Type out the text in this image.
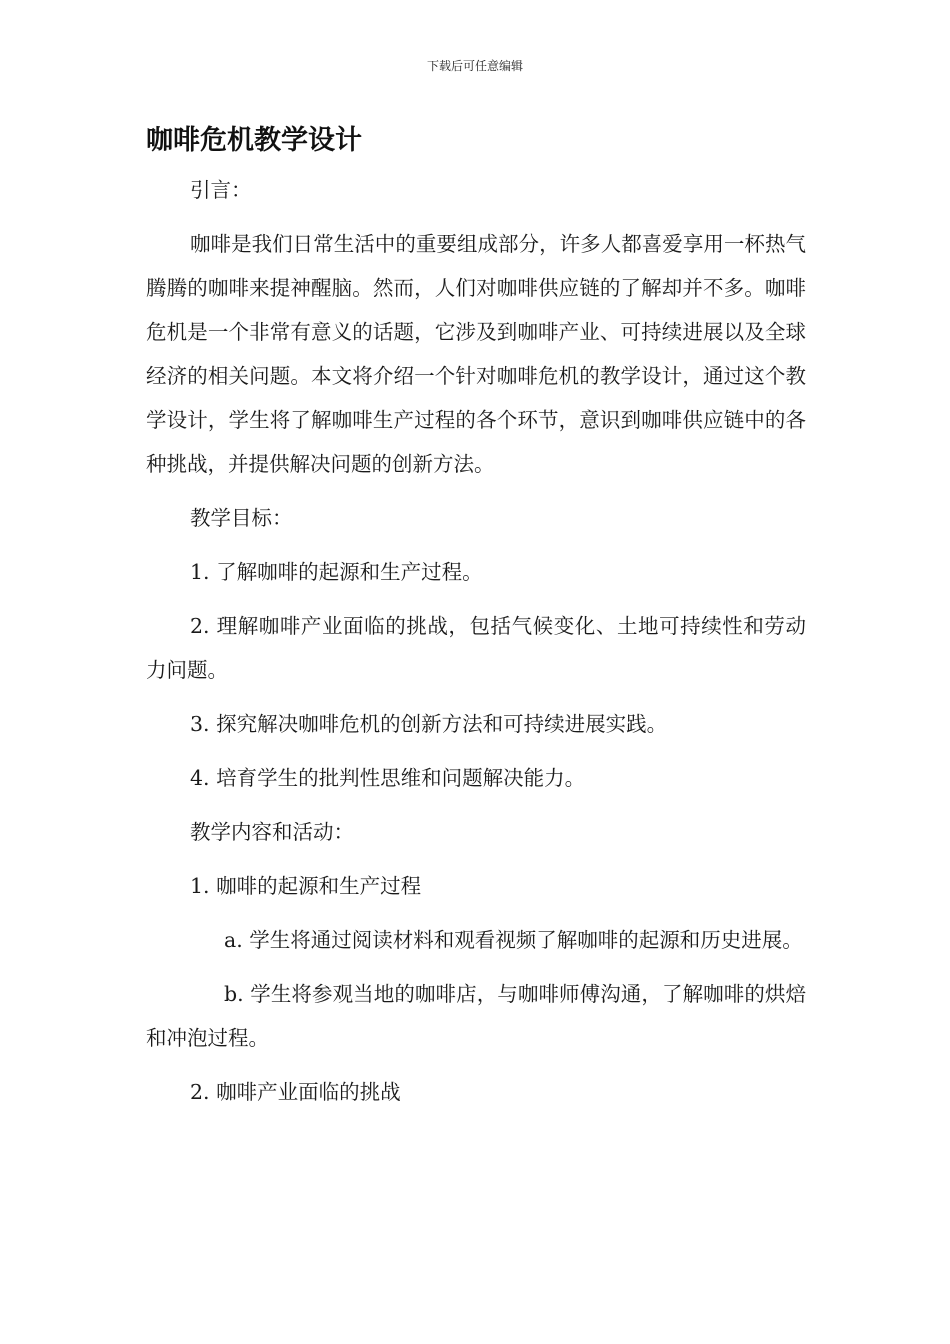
下载后可任意编辑
咖啡危机教学设计

引言：

咖啡是我们日常生活中的重要组成部分，许多人都喜爱享用一杯热气腾腾的咖啡来提神醒脑。然而，人们对咖啡供应链的了解却并不多。咖啡危机是一个非常有意义的话题，它涉及到咖啡产业、可持续进展以及全球经济的相关问题。本文将介绍一个针对咖啡危机的教学设计，通过这个教学设计，学生将了解咖啡生产过程的各个环节，意识到咖啡供应链中的各种挑战，并提供解决问题的创新方法。

教学目标：

1. 了解咖啡的起源和生产过程。

2. 理解咖啡产业面临的挑战，包括气候变化、土地可持续性和劳动力问题。

3. 探究解决咖啡危机的创新方法和可持续进展实践。

4. 培育学生的批判性思维和问题解决能力。

教学内容和活动：

1. 咖啡的起源和生产过程

a. 学生将通过阅读材料和观看视频了解咖啡的起源和历史进展。

b. 学生将参观当地的咖啡店，与咖啡师傅沟通，了解咖啡的烘焙和冲泡过程。

2. 咖啡产业面临的挑战
